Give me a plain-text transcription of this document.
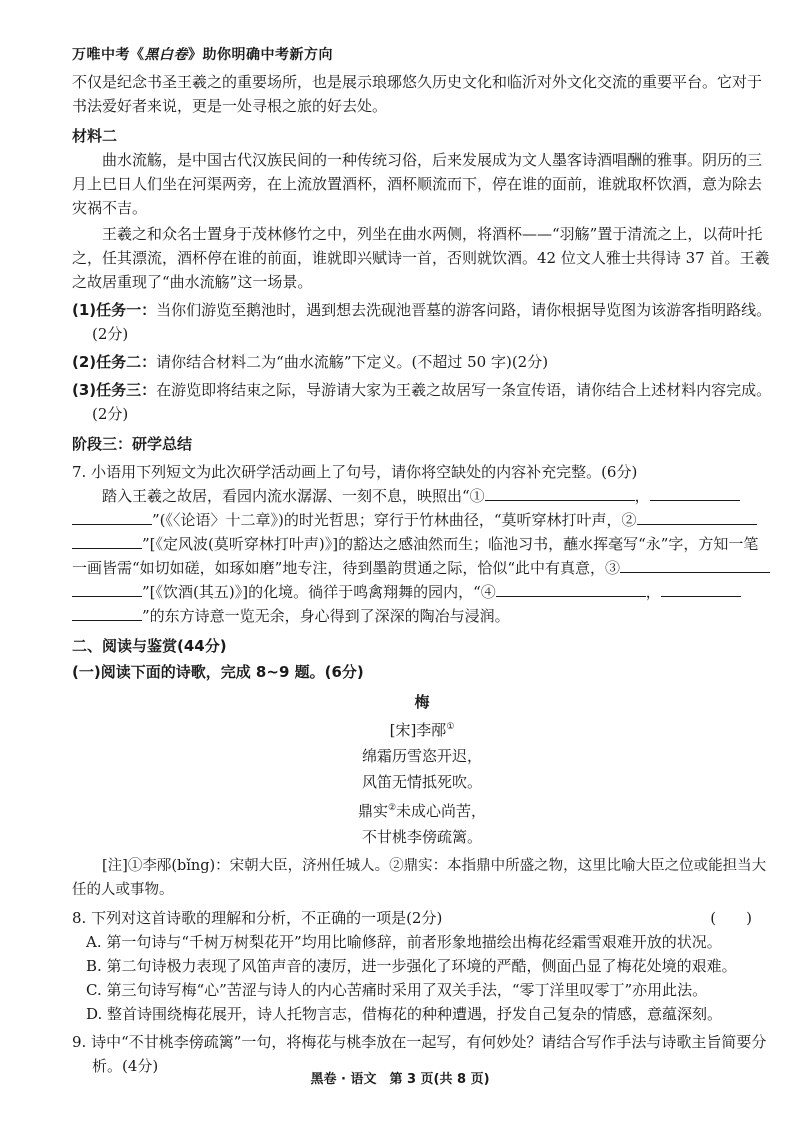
万唯中考《黑白卷》助你明确中考新方向

不仅是纪念书圣王羲之的重要场所，也是展示琅琊悠久历史文化和临沂对外文化交流的重要平台。它对于书法爱好者来说，更是一处寻根之旅的好去处。

材料二

曲水流觞，是中国古代汉族民间的一种传统习俗，后来发展成为文人墨客诗酒唱酬的雅事。阴历的三月上巳日人们坐在河渠两旁，在上流放置酒杯，酒杯顺流而下，停在谁的面前，谁就取杯饮酒，意为除去灾祸不吉。

王羲之和众名士置身于茂林修竹之中，列坐在曲水两侧，将酒杯——“羽觞”置于清流之上，以荷叶托之，任其漂流，酒杯停在谁的前面，谁就即兴赋诗一首，否则就饮酒。42 位文人雅士共得诗 37 首。王羲之故居重现了“曲水流觞”这一场景。

(1)任务一：当你们游览至鹅池时，遇到想去洗砚池晋墓的游客问路，请你根据导览图为该游客指明路线。(2分)

(2)任务二：请你结合材料二为“曲水流觞”下定义。(不超过 50 字)(2分)

(3)任务三：在游览即将结束之际，导游请大家为王羲之故居写一条宣传语，请你结合上述材料内容完成。(2分)

阶段三：研学总结

7. 小语用下列短文为此次研学活动画上了句号，请你将空缺处的内容补充完整。(6分)

踏入王羲之故居，看园内流水潺潺、一刻不息，映照出“①	，”(《〈论语〉十二章》)的时光哲思；穿行于竹林曲径，“莫听穿林打叶声，②”[《定风波(莫听穿林打叶声)》]的豁达之感油然而生；临池习书，蘸水挥毫写“永”字，方知一笔一画皆需“如切如磋，如琢如磨”地专注，待到墨韵贯通之际，恰似“此中有真意，③”[《饮酒(其五)》]的化境。徜徉于鸣禽翔舞的园内，“④	，”的东方诗意一览无余，身心得到了深深的陶冶与浸润。

二、阅读与鉴赏(44分)

(一)阅读下面的诗歌，完成 8~9 题。(6分)

梅
[宋]李邴①
绵霜历雪恣开迟，
风笛无情抵死吹。
鼎实②未成心尚苦，
不甘桃李傍疏篱。

[注]①李邴(bǐng)：宋朝大臣，济州任城人。②鼎实：本指鼎中所盛之物，这里比喻大臣之位或能担当大任的人或事物。

8. 下列对这首诗歌的理解和分析，不正确的一项是(2分)	(　　)

A. 第一句诗与“千树万树梨花开”均用比喻修辞，前者形象地描绘出梅花经霜雪艰难开放的状况。

B. 第二句诗极力表现了风笛声音的凄厉，进一步强化了环境的严酷，侧面凸显了梅花处境的艰难。

C. 第三句诗写梅“心”苦涩与诗人的内心苦痛时采用了双关手法，“零丁洋里叹零丁”亦用此法。

D. 整首诗围绕梅花展开，诗人托物言志，借梅花的种种遭遇，抒发自己复杂的情感，意蕴深刻。

9. 诗中“不甘桃李傍疏篱”一句，将梅花与桃李放在一起写，有何妙处？请结合写作手法与诗歌主旨简要分析。(4分)

黑卷 · 语文　第 3 页(共 8 页)
